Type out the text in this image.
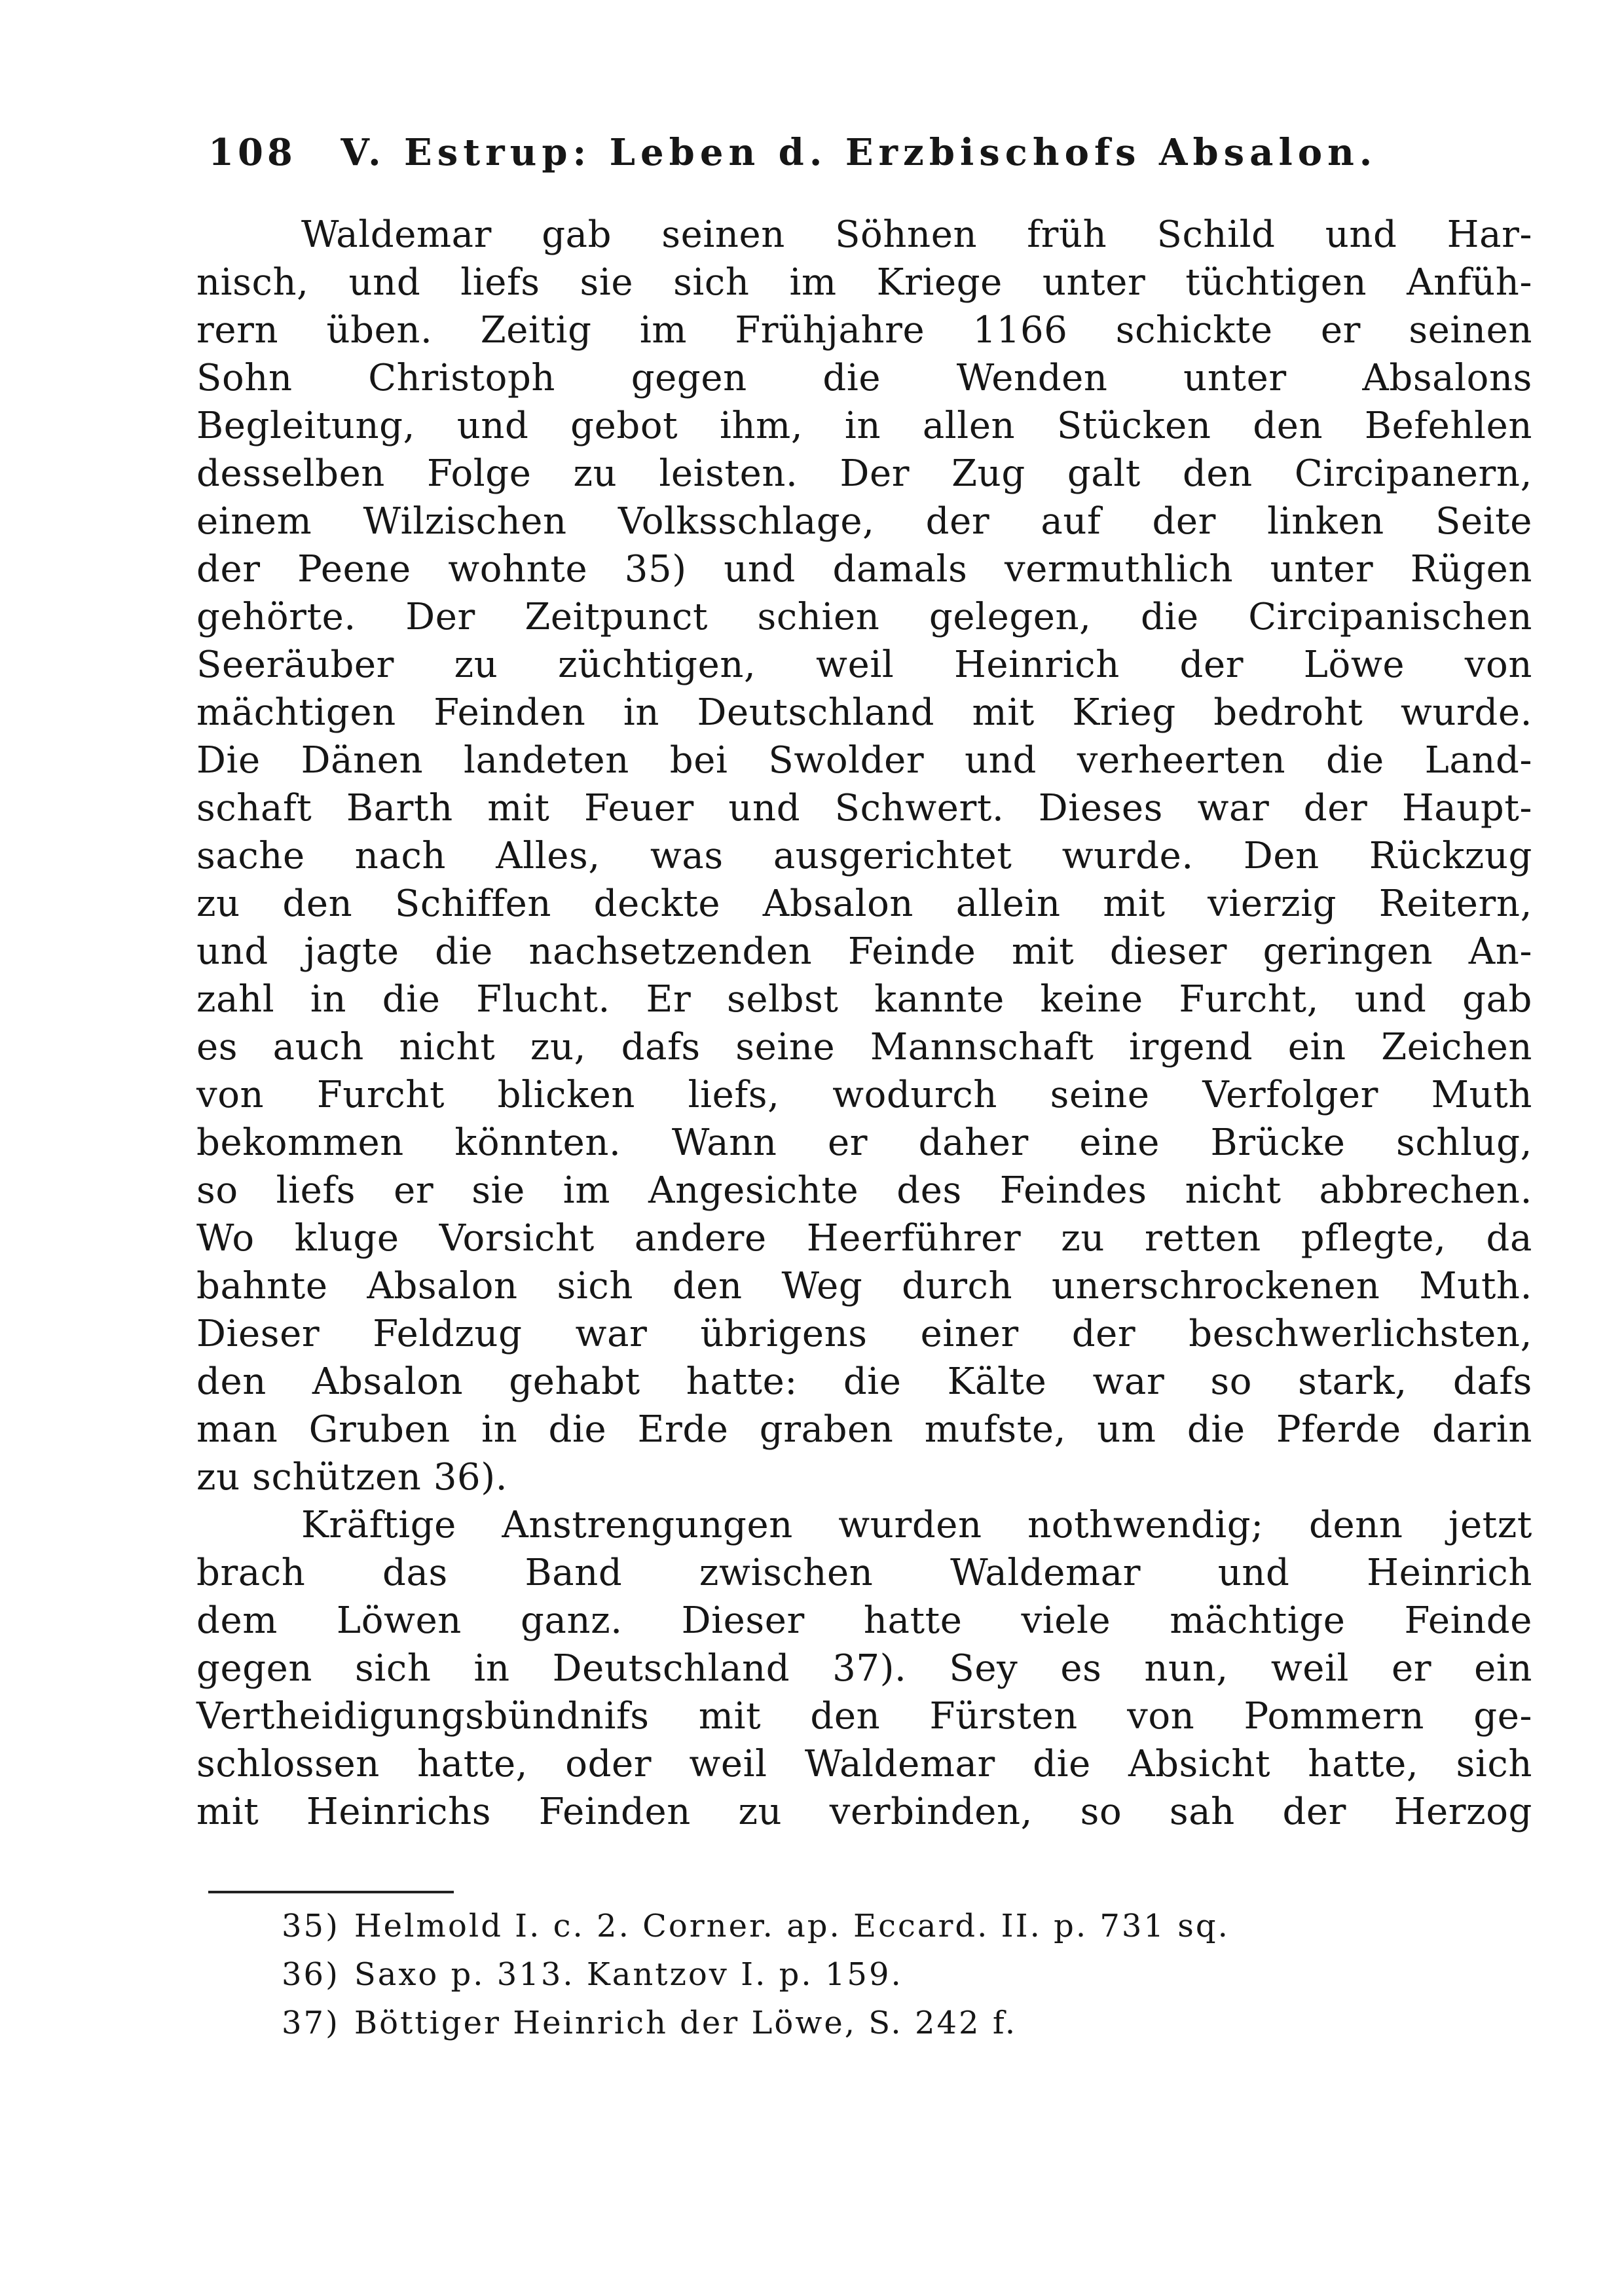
108 V. Estrup: Leben d. Erzbischofs Absalon.
Waldemar gab seinen Söhnen früh Schild und Har-
nisch, und liefs sie sich im Kriege unter tüchtigen Anfüh-
rern üben. Zeitig im Frühjahre 1166 schickte er seinen
Sohn Christoph gegen die Wenden unter Absalons
Begleitung, und gebot ihm, in allen Stücken den Befehlen
desselben Folge zu leisten. Der Zug galt den Circipanern,
einem Wilzischen Volksschlage, der auf der linken Seite
der Peene wohnte 35) und damals vermuthlich unter Rügen
gehörte. Der Zeitpunct schien gelegen, die Circipanischen
Seeräuber zu züchtigen, weil Heinrich der Löwe von
mächtigen Feinden in Deutschland mit Krieg bedroht wurde.
Die Dänen landeten bei Swolder und verheerten die Land-
schaft Barth mit Feuer und Schwert. Dieses war der Haupt-
sache nach Alles, was ausgerichtet wurde. Den Rückzug
zu den Schiffen deckte Absalon allein mit vierzig Reitern,
und jagte die nachsetzenden Feinde mit dieser geringen An-
zahl in die Flucht. Er selbst kannte keine Furcht, und gab
es auch nicht zu, dafs seine Mannschaft irgend ein Zeichen
von Furcht blicken liefs, wodurch seine Verfolger Muth
bekommen könnten. Wann er daher eine Brücke schlug,
so liefs er sie im Angesichte des Feindes nicht abbrechen.
Wo kluge Vorsicht andere Heerführer zu retten pflegte, da
bahnte Absalon sich den Weg durch unerschrockenen Muth.
Dieser Feldzug war übrigens einer der beschwerlichsten,
den Absalon gehabt hatte: die Kälte war so stark, dafs
man Gruben in die Erde graben mufste, um die Pferde darin
zu schützen 36).
Kräftige Anstrengungen wurden nothwendig; denn jetzt
brach das Band zwischen Waldemar und Heinrich
dem Löwen ganz. Dieser hatte viele mächtige Feinde
gegen sich in Deutschland 37). Sey es nun, weil er ein
Vertheidigungsbündnifs mit den Fürsten von Pommern ge-
schlossen hatte, oder weil Waldemar die Absicht hatte, sich
mit Heinrichs Feinden zu verbinden, so sah der Herzog
35) Helmold I. c. 2. Corner. ap. Eccard. II. p. 731 sq.
36) Saxo p. 313. Kantzov I. p. 159.
37) Böttiger Heinrich der Löwe, S. 242 f.
